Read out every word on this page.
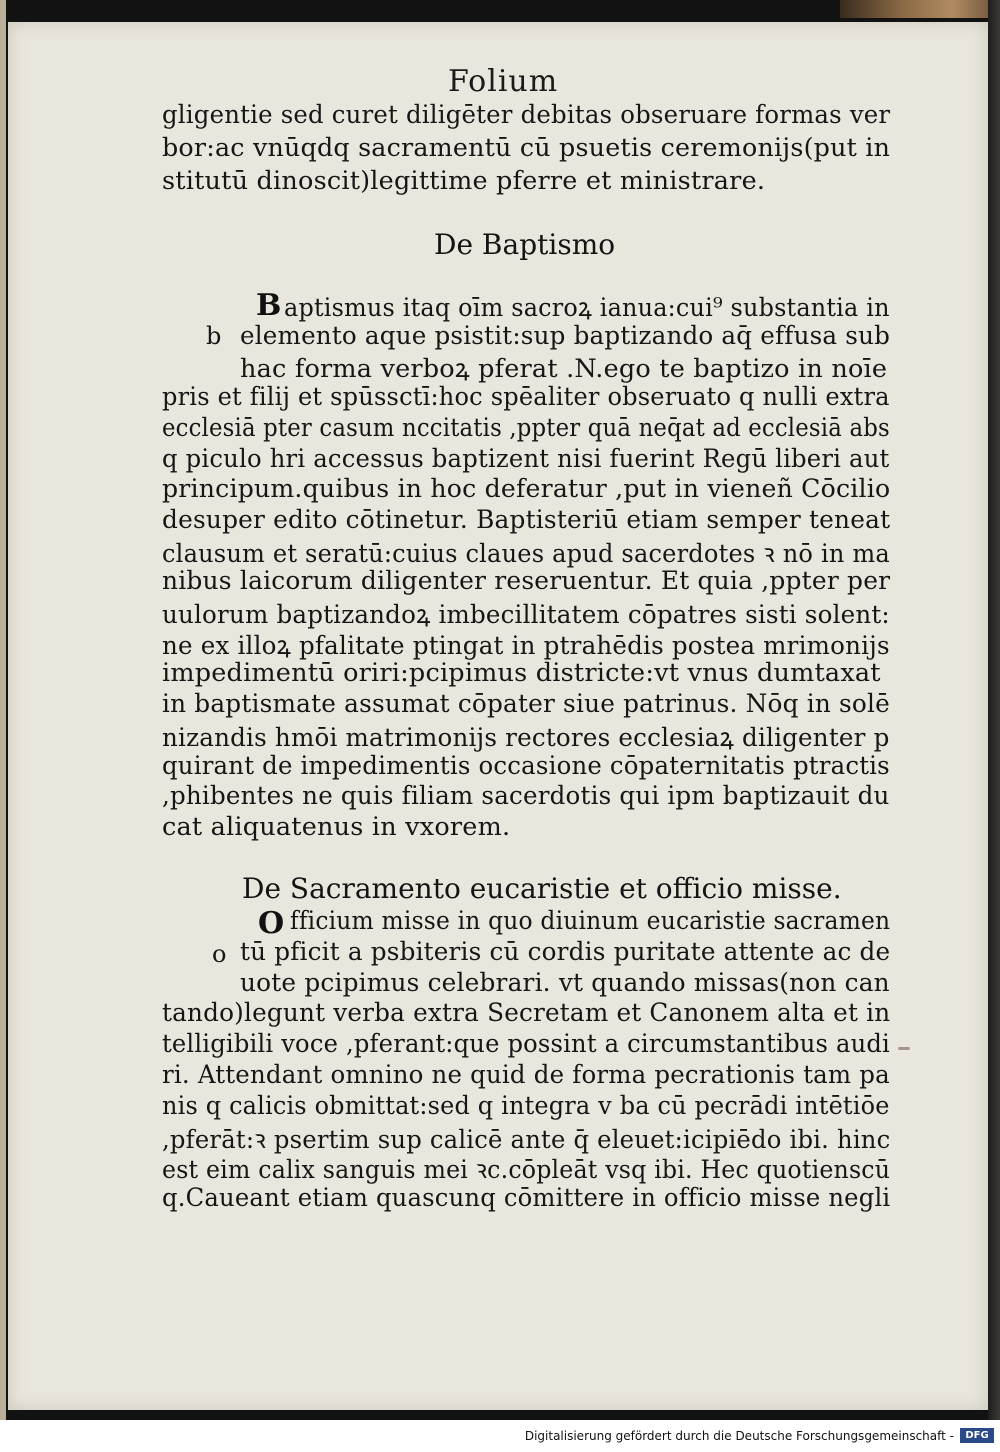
Folium
gligentie sed curet diligēter debitas obseruare formas ver
bor:ac vnūqdq sacramentū cū psuetis ceremonijs(put in
stitutū dinoscit)legittime pferre et ministrare.
De Baptismo
B
b
aptismus itaq oīm sacroꝝ ianua:cui⁹ substantia in
elemento aque psistit:sup baptizando aq̄ effusa sub
hac forma verboꝝ pferat .N.ego te baptizo in noīe
pris et filij et spūssctī:hoc spēaliter obseruato q nulli extra
ecclesiā pter casum nccitatis ,ppter quā neq̄at ad ecclesiā abs
q piculo hri accessus baptizent nisi fuerint Regū liberi aut
principum.quibus in hoc deferatur ,put in vieneñ Cōcilio
desuper edito cōtinetur. Baptisteriū etiam semper teneat
clausum et seratū:cuius claues apud sacerdotes ꝛ nō in ma
nibus laicorum diligenter reseruentur. Et quia ,ppter per
uulorum baptizandoꝝ imbecillitatem cōpatres sisti solent:
ne ex illoꝝ pfalitate ptingat in ptrahēdis postea mrimonijs
impedimentū oriri:pcipimus districte:vt vnus dumtaxat
in baptismate assumat cōpater siue patrinus. Nōq in solē
nizandis hmōi matrimonijs rectores ecclesiaꝝ diligenter p
quirant de impedimentis occasione cōpaternitatis ptractis
,phibentes ne quis filiam sacerdotis qui ipm baptizauit du
cat aliquatenus in vxorem.
De Sacramento eucaristie et officio misse.
O
o
fficium misse in quo diuinum eucaristie sacramen
tū pficit a psbiteris cū cordis puritate attente ac de
uote pcipimus celebrari. vt quando missas(non can
tando)legunt verba extra Secretam et Canonem alta et in
telligibili voce ,pferant:que possint a circumstantibus audi
ri. Attendant omnino ne quid de forma pecrationis tam pa
nis q calicis obmittat:sed q integra v ba cū pecrādi intētiōe
,pferāt:ꝛ psertim sup calicē ante q̄ eleuet:icipiēdo ibi. hinc
est eim calix sanguis mei ꝛc.cōpleāt vsq ibi. Hec quotienscū
q.Caueant etiam quascunq cōmittere in officio misse negli
Digitalisierung gefördert durch die Deutsche Forschungsgemeinschaft -	DFG
